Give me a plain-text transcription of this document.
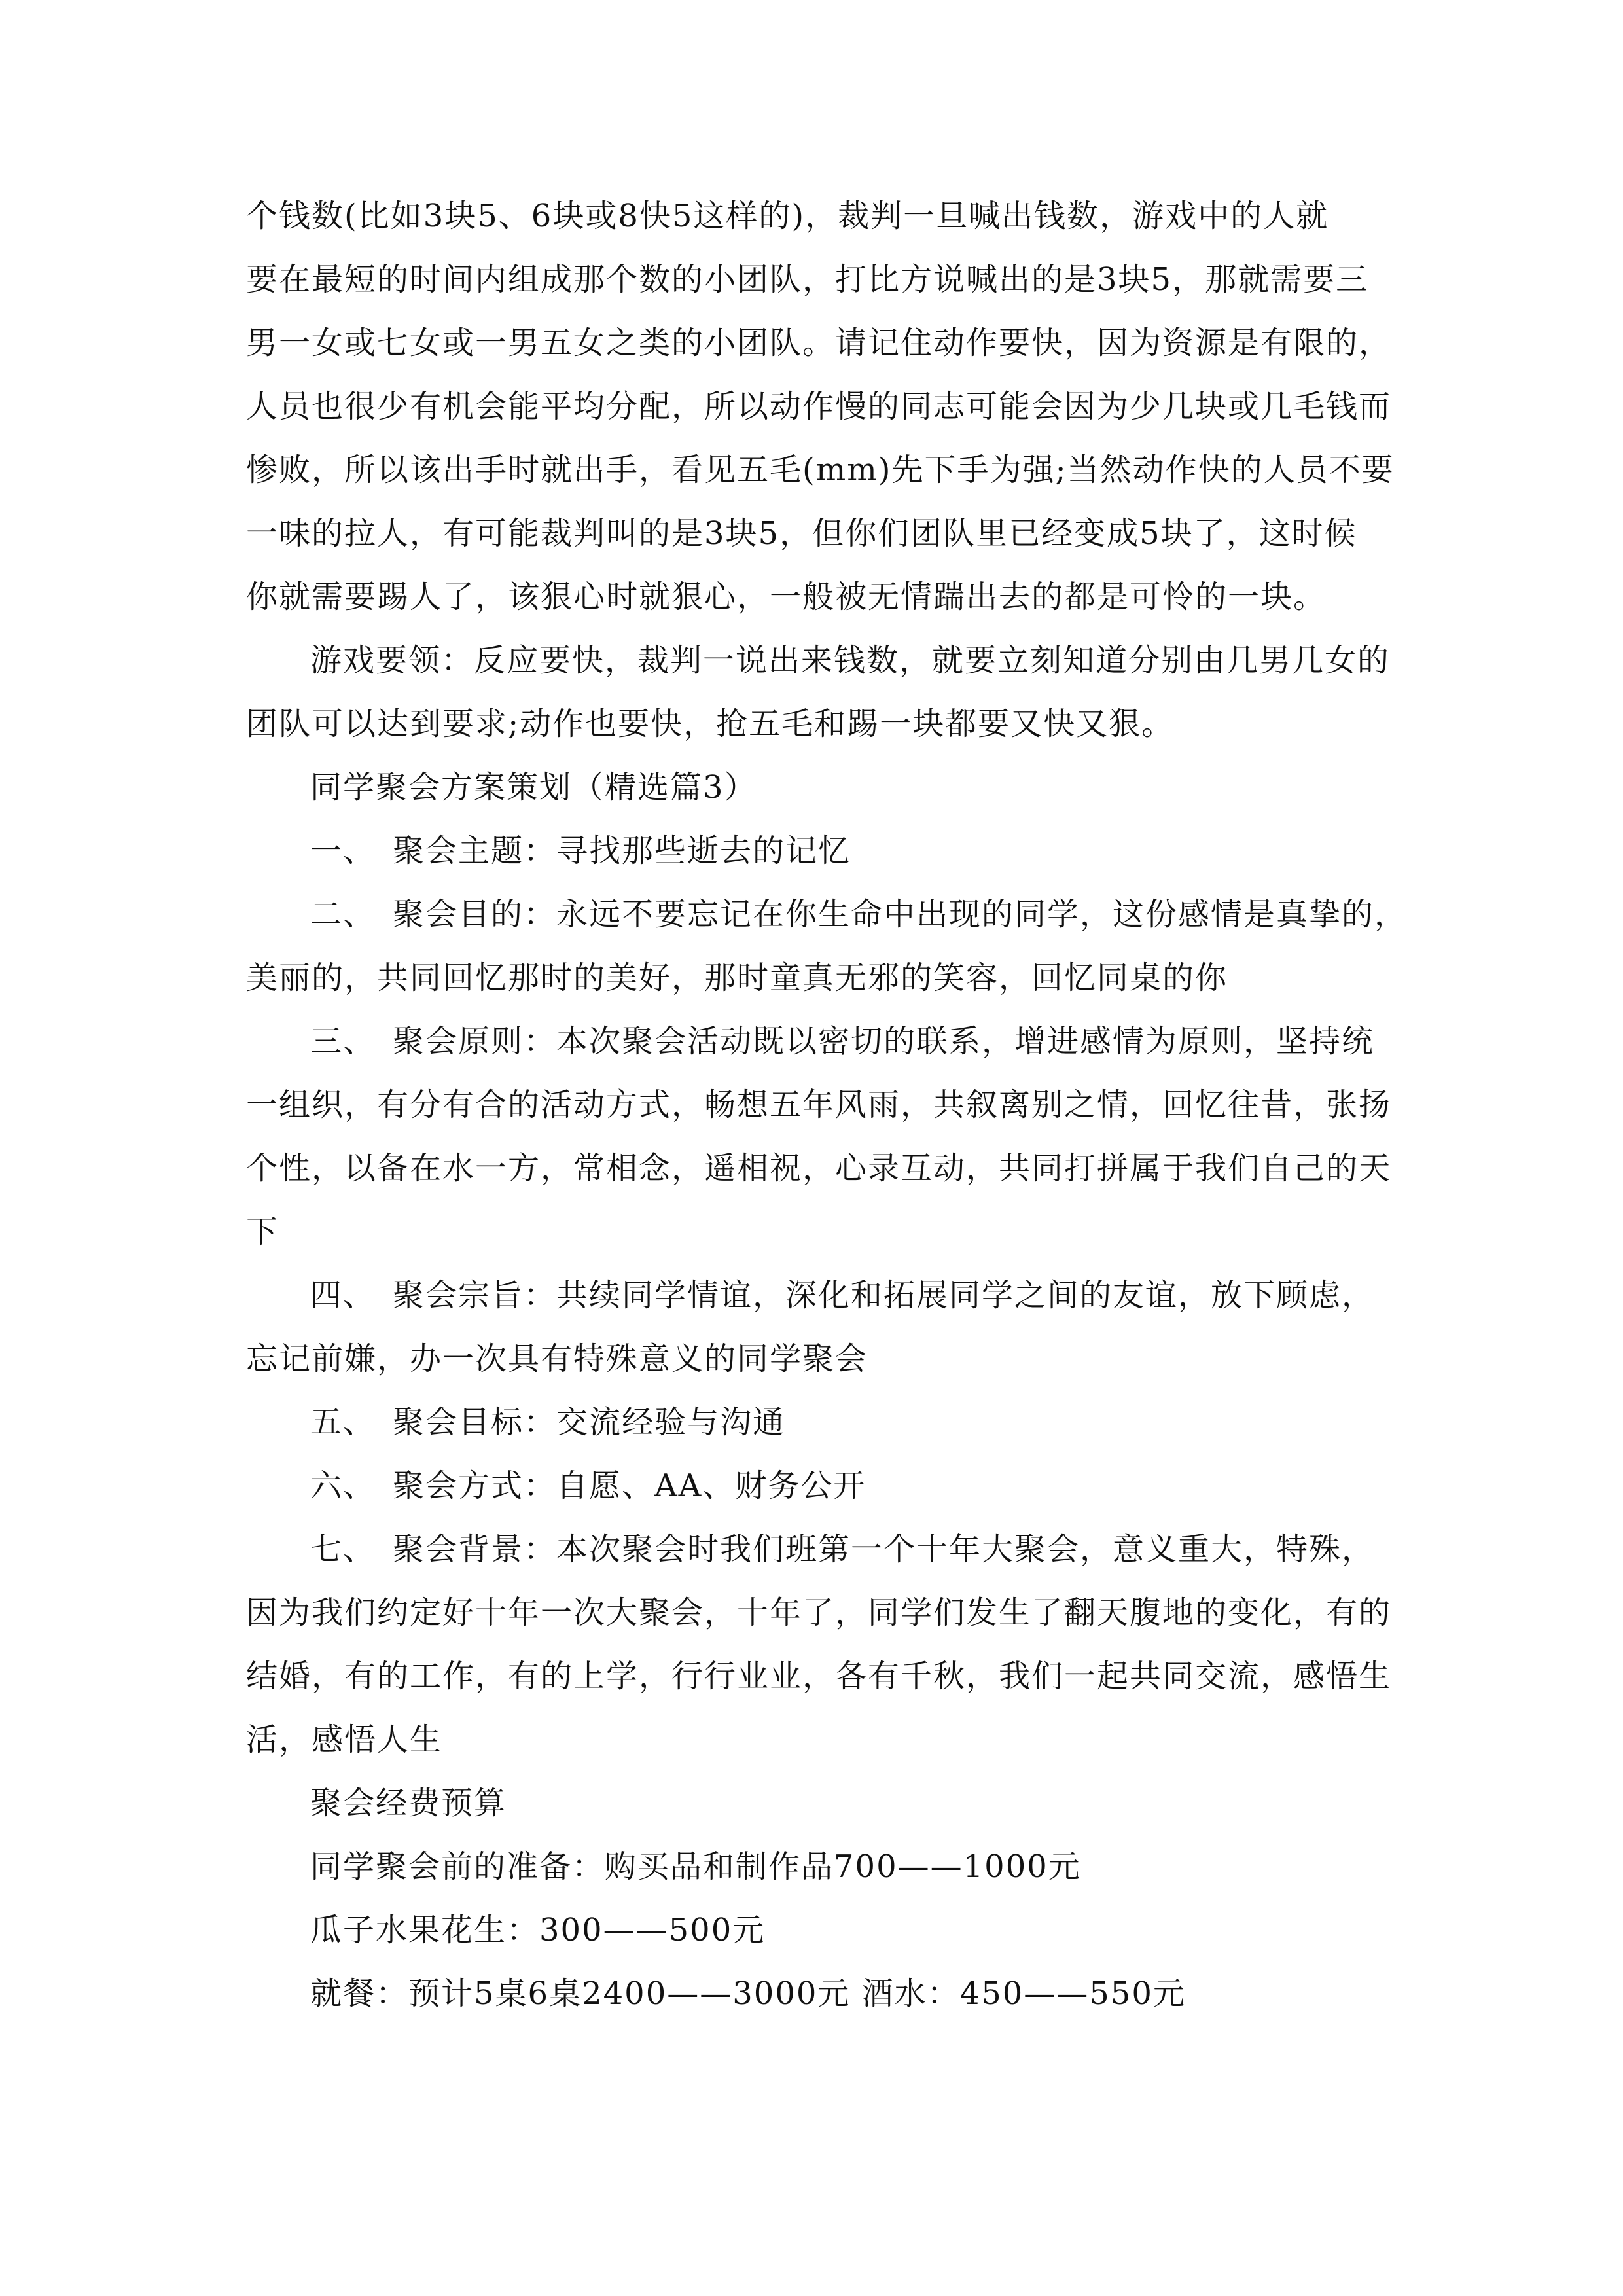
个钱数(比如3块5、6块或8快5这样的)，裁判一旦喊出钱数，游戏中的人就
要在最短的时间内组成那个数的小团队，打比方说喊出的是3块5，那就需要三
男一女或七女或一男五女之类的小团队。请记住动作要快，因为资源是有限的，
人员也很少有机会能平均分配，所以动作慢的同志可能会因为少几块或几毛钱而
惨败，所以该出手时就出手，看见五毛(mm)先下手为强;当然动作快的人员不要
一味的拉人，有可能裁判叫的是3块5，但你们团队里已经变成5块了，这时候
你就需要踢人了，该狠心时就狠心，一般被无情踹出去的都是可怜的一块。
游戏要领：反应要快，裁判一说出来钱数，就要立刻知道分别由几男几女的
团队可以达到要求;动作也要快，抢五毛和踢一块都要又快又狠。
同学聚会方案策划（精选篇3）
一、　聚会主题：寻找那些逝去的记忆
二、　聚会目的：永远不要忘记在你生命中出现的同学，这份感情是真挚的，
美丽的，共同回忆那时的美好，那时童真无邪的笑容，回忆同桌的你
三、　聚会原则：本次聚会活动既以密切的联系，增进感情为原则，坚持统
一组织，有分有合的活动方式，畅想五年风雨，共叙离别之情，回忆往昔，张扬
个性，以备在水一方，常相念，遥相祝，心录互动，共同打拼属于我们自己的天
下
四、　聚会宗旨：共续同学情谊，深化和拓展同学之间的友谊，放下顾虑，
忘记前嫌，办一次具有特殊意义的同学聚会
五、　聚会目标：交流经验与沟通
六、　聚会方式：自愿、AA、财务公开
七、　聚会背景：本次聚会时我们班第一个十年大聚会，意义重大，特殊，
因为我们约定好十年一次大聚会，十年了，同学们发生了翻天腹地的变化，有的
结婚，有的工作，有的上学，行行业业，各有千秋，我们一起共同交流，感悟生
活，感悟人生
聚会经费预算
同学聚会前的准备：购买品和制作品700——1000元
瓜子水果花生：300——500元
就餐：预计5桌6桌2400——3000元 酒水：450——550元
